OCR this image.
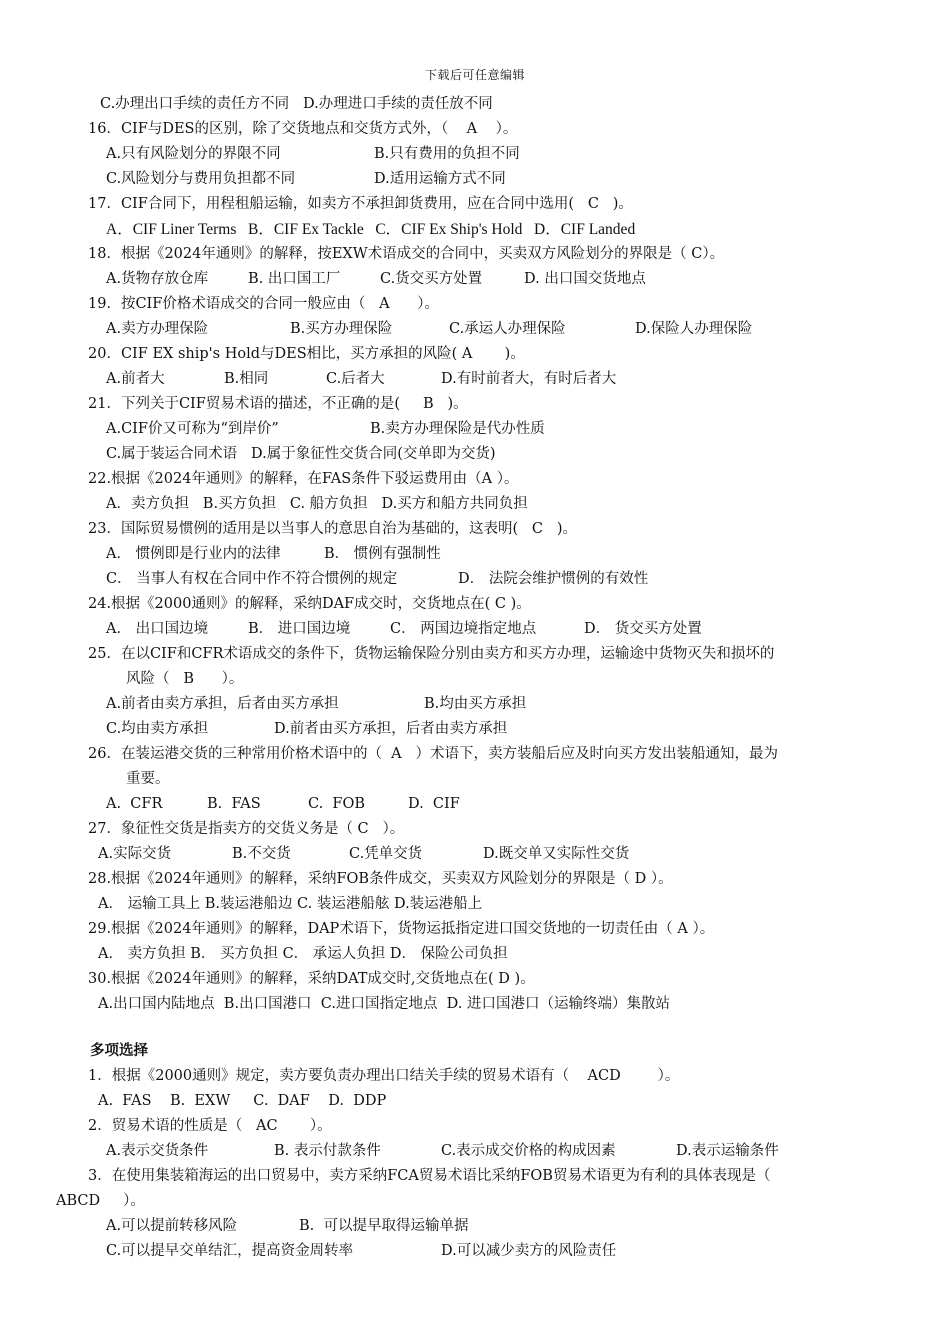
下载后可任意编辑
C.办理出口手续的责任方不同   D.办理进口手续的责任放不同
16．CIF与DES的区别，除了交货地点和交货方式外，（    A    ）。

A.只有风险划分的界限不同

	B.只有费用的负担不同

C.风险划分与费用负担都不同

	D.适用运输方式不同

17．CIF合同下，用程租船运输，如卖方不承担卸货费用，应在合同中选用(   C   )。
A．CIF Liner Terms   B．CIF Ex Tackle   C．CIF Ex Ship's Hold   D．CIF Landed
18．根据《2024年通则》的解释，按EXW术语成交的合同中，买卖双方风险划分的界限是（ C）。

A.货物存放仓库

	B. 出口国工厂

	C.货交买方处置

	D. 出口国交货地点

19．按CIF价格术语成交的合同一般应由（   A      ）。

A.卖方办理保险

	B.买方办理保险

	C.承运人办理保险

	D.保险人办理保险

20．CIF EX ship's Hold与DES相比，买方承担的风险( A       )。

A.前者大

	B.相同

	C.后者大

	D.有时前者大，有时后者大

21．下列关于CIF贸易术语的描述，不正确的是(     B   )。

A.CIF价又可称为“到岸价”

	B.卖方办理保险是代办性质

C.属于装运合同术语   D.属于象征性交货合同(交单即为交货)
22.根据《2024年通则》的解释，在FAS条件下驳运费用由（A ）。
A．卖方负担   B.买方负担   C. 船方负担   D.买方和船方共同负担
23．国际贸易惯例的适用是以当事人的意思自治为基础的，这表明(   C   )。

A． 惯例即是行业内的法律

	B． 惯例有强制性

C． 当事人有权在合同中作不符合惯例的规定

	D． 法院会维护惯例的有效性

24.根据《2000通则》的解释，采纳DAF成交时，交货地点在( C )。

A． 出口国边境

	B． 进口国边境

	C． 两国边境指定地点

	D． 货交买方处置

25．在以CIF和CFR术语成交的条件下，货物运输保险分别由卖方和买方办理，运输途中货物灭失和损坏的
风险（   B      ）。

A.前者由卖方承担，后者由买方承担

	B.均由买方承担

C.均由卖方承担

	D.前者由买方承担，后者由卖方承担

26．在装运港交货的三种常用价格术语中的（  A   ）术语下，卖方装船后应及时向买方发出装船通知，最为
重要。

A.  CFR

	B.  FAS

	C.  FOB

	D.  CIF

27．象征性交货是指卖方的交货义务是（ C   ）。

A.实际交货

	B.不交货

	C.凭单交货

	D.既交单又实际性交货

28.根据《2024年通则》的解释，采纳FOB条件成交，买卖双方风险划分的界限是（ D ）。
A． 运输工具上 B.装运港船边 C. 装运港船舷 D.装运港船上
29.根据《2024年通则》的解释，DAP术语下，货物运抵指定进口国交货地的一切责任由（ A ）。
A． 卖方负担 B． 买方负担 C． 承运人负担 D． 保险公司负担
30.根据《2024年通则》的解释，采纳DAT成交时,交货地点在( D )。
A.出口国内陆地点  B.出口国港口  C.进口国指定地点  D. 进口国港口（运输终端）集散站
多项选择
1．根据《2000通则》规定，卖方要负责办理出口结关手续的贸易术语有（    ACD        ）。
A.  FAS    B.  EXW     C.  DAF    D.  DDP
2．贸易术语的性质是（   AC       ）。

A.表示交货条件

	B. 表示付款条件

	C.表示成交价格的构成因素

	D.表示运输条件

3．在使用集装箱海运的出口贸易中，卖方采纳FCA贸易术语比采纳FOB贸易术语更为有利的具体表现是（
ABCD     ）。

A.可以提前转移风险

	B.  可以提早取得运输单据

C.可以提早交单结汇，提高资金周转率

	D.可以减少卖方的风险责任
